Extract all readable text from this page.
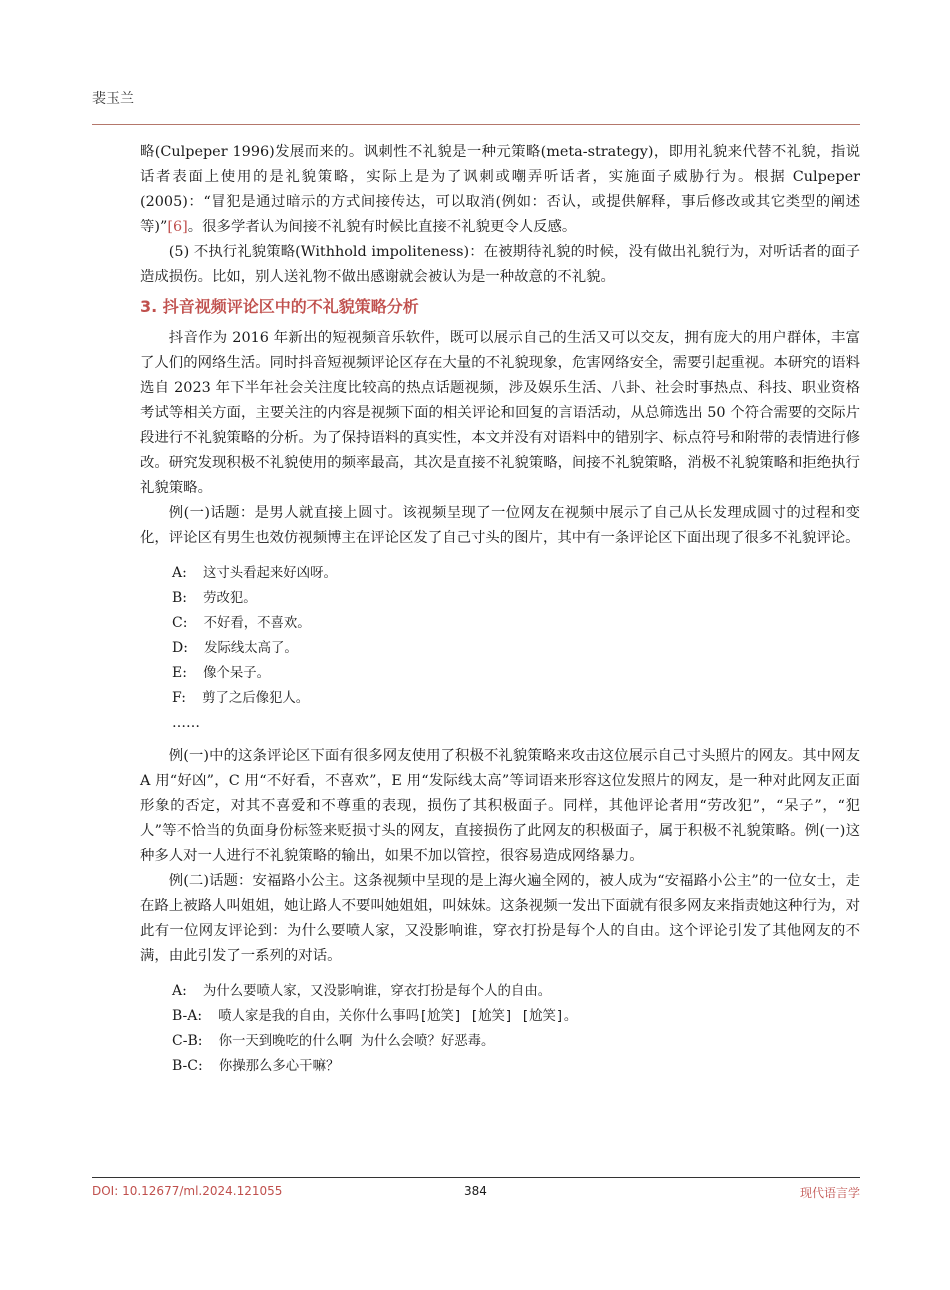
裴玉兰

略(Culpeper 1996)发展而来的。讽刺性不礼貌是一种元策略(meta-strategy)，即用礼貌来代替不礼貌，指说话者表面上使用的是礼貌策略，实际上是为了讽刺或嘲弄听话者，实施面子威胁行为。根据 Culpeper (2005)：“冒犯是通过暗示的方式间接传达，可以取消(例如：否认，或提供解释，事后修改或其它类型的阐述等)”[6]。很多学者认为间接不礼貌有时候比直接不礼貌更令人反感。

(5) 不执行礼貌策略(Withhold impoliteness)：在被期待礼貌的时候，没有做出礼貌行为，对听话者的面子造成损伤。比如，别人送礼物不做出感谢就会被认为是一种故意的不礼貌。

3. 抖音视频评论区中的不礼貌策略分析

抖音作为 2016 年新出的短视频音乐软件，既可以展示自己的生活又可以交友，拥有庞大的用户群体，丰富了人们的网络生活。同时抖音短视频评论区存在大量的不礼貌现象，危害网络安全，需要引起重视。本研究的语料选自 2023 年下半年社会关注度比较高的热点话题视频，涉及娱乐生活、八卦、社会时事热点、科技、职业资格考试等相关方面，主要关注的内容是视频下面的相关评论和回复的言语活动，从总筛选出 50 个符合需要的交际片段进行不礼貌策略的分析。为了保持语料的真实性，本文并没有对语料中的错别字、标点符号和附带的表情进行修改。研究发现积极不礼貌使用的频率最高，其次是直接不礼貌策略，间接不礼貌策略，消极不礼貌策略和拒绝执行礼貌策略。

例(一)话题：是男人就直接上圆寸。该视频呈现了一位网友在视频中展示了自己从长发理成圆寸的过程和变化，评论区有男生也效仿视频博主在评论区发了自己寸头的图片，其中有一条评论区下面出现了很多不礼貌评论。

A: 这寸头看起来好凶呀。
B: 劳改犯。
C: 不好看，不喜欢。
D: 发际线太高了。
E: 像个呆子。
F: 剪了之后像犯人。
……

例(一)中的这条评论区下面有很多网友使用了积极不礼貌策略来攻击这位展示自己寸头照片的网友。其中网友 A 用“好凶”，C 用“不好看，不喜欢”，E 用“发际线太高”等词语来形容这位发照片的网友，是一种对此网友正面形象的否定，对其不喜爱和不尊重的表现，损伤了其积极面子。同样，其他评论者用“劳改犯”，“呆子”，“犯人”等不恰当的负面身份标签来贬损寸头的网友，直接损伤了此网友的积极面子，属于积极不礼貌策略。例(一)这种多人对一人进行不礼貌策略的输出，如果不加以管控，很容易造成网络暴力。

例(二)话题：安福路小公主。这条视频中呈现的是上海火遍全网的，被人成为“安福路小公主”的一位女士，走在路上被路人叫姐姐，她让路人不要叫她姐姐，叫妹妹。这条视频一发出下面就有很多网友来指责她这种行为，对此有一位网友评论到：为什么要喷人家，又没影响谁，穿衣打扮是每个人的自由。这个评论引发了其他网友的不满，由此引发了一系列的对话。

A: 为什么要喷人家，又没影响谁，穿衣打扮是每个人的自由。
B-A: 喷人家是我的自由，关你什么事吗[尬笑] [尬笑] [尬笑]。
C-B: 你一天到晚吃的什么啊 为什么会喷？好恶毒。
B-C: 你操那么多心干嘛？
DOI: 10.12677/ml.2024.121055	384	现代语言学
